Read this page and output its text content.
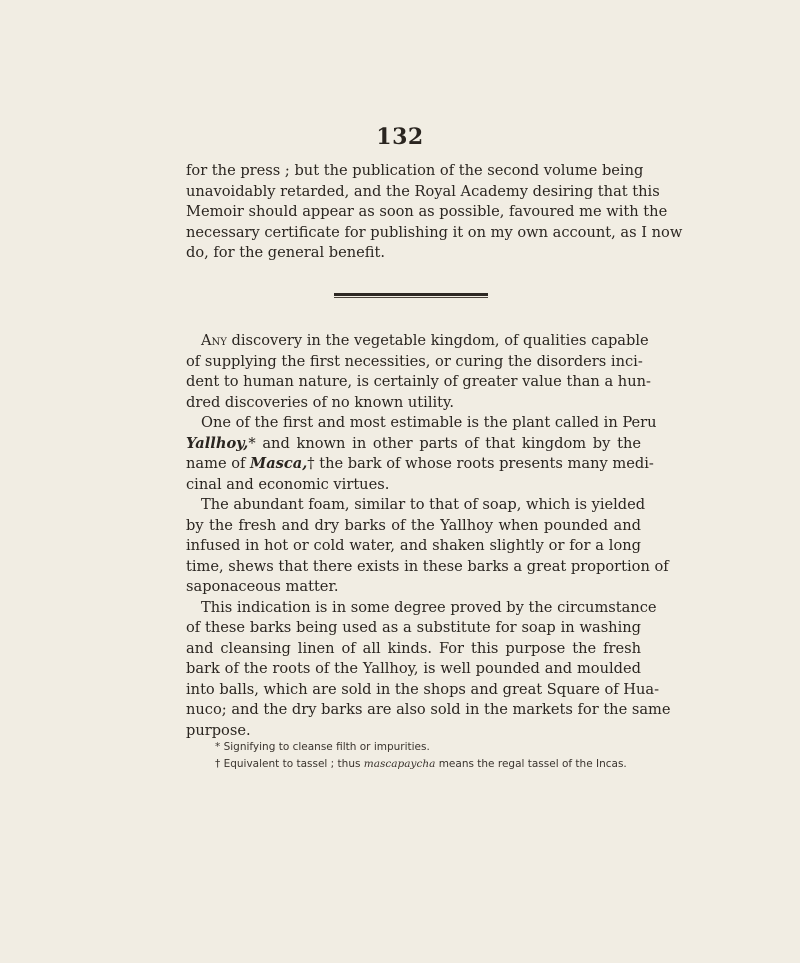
132
for the press ; but the publication of the second volume being
unavoidably retarded, and the Royal Academy desiring that this
Memoir should appear as soon as possible, favoured me with the
necessary certificate for publishing it on my own account, as I now
do, for the general benefit.
Any discovery in the vegetable kingdom, of qualities capable
of supplying the first necessities, or curing the disorders inci-
dent to human nature, is certainly of greater value than a hun-
dred discoveries of no known utility.
One of the first and most estimable is the plant called in Peru
Yallhoy,* and known in other parts of that kingdom by the
name of Masca,† the bark of whose roots presents many medi-
cinal and economic virtues.
The abundant foam, similar to that of soap, which is yielded
by the fresh and dry barks of the Yallhoy when pounded and
infused in hot or cold water, and shaken slightly or for a long
time, shews that there exists in these barks a great proportion of
saponaceous matter.
This indication is in some degree proved by the circumstance
of these barks being used as a substitute for soap in washing
and cleansing linen of all kinds. For this purpose the fresh
bark of the roots of the Yallhoy, is well pounded and moulded
into balls, which are sold in the shops and great Square of Hua-
nuco; and the dry barks are also sold in the markets for the same
purpose.
* Signifying to cleanse filth or impurities.
† Equivalent to tassel ; thus mascapaycha means the regal tassel of the Incas.
